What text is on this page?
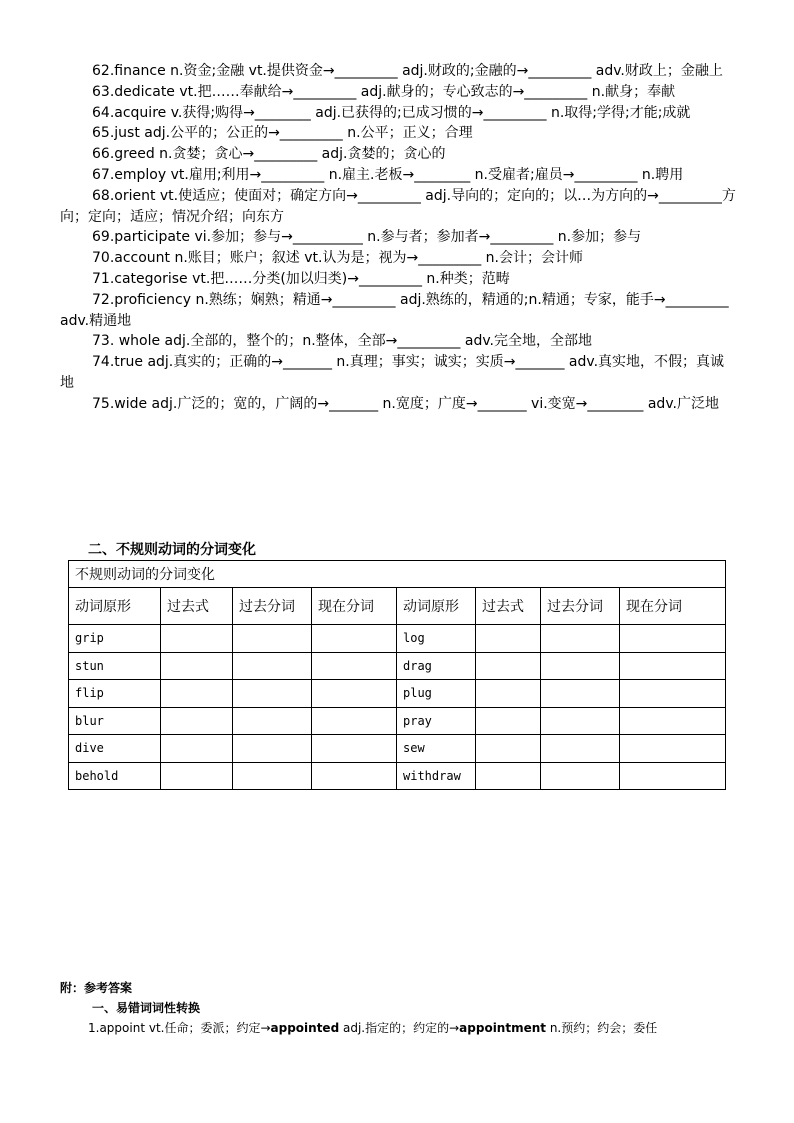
62.finance n.资金;金融 vt.提供资金→_________ adj.财政的;金融的→_________ adv.财政上；金融上

63.dedicate vt.把……奉献给→_________ adj.献身的；专心致志的→_________ n.献身；奉献

64.acquire v.获得;购得→________ adj.已获得的;已成习惯的→_________ n.取得;学得;才能;成就

65.just adj.公平的；公正的→_________ n.公平；正义；合理

66.greed n.贪婪；贪心→_________ adj.贪婪的；贪心的

67.employ vt.雇用;利用→_________ n.雇主.老板→________ n.受雇者;雇员→_________ n.聘用

68.orient vt.使适应；使面对；确定方向→_________ adj.导向的；定向的；以…为方向的→_________方向；定向；适应；情况介绍；向东方

69.participate vi.参加；参与→__________ n.参与者；参加者→_________ n.参加；参与

70.account n.账目；账户；叙述 vt.认为是；视为→_________ n.会计；会计师

71.categorise vt.把……分类(加以归类)→_________ n.种类；范畴

72.proficiency n.熟练；娴熟；精通→_________ adj.熟练的，精通的;n.精通；专家，能手→_________ adv.精通地

73. whole adj.全部的，整个的；n.整体，全部→_________ adv.完全地，全部地

74.true adj.真实的；正确的→_______ n.真理；事实；诚实；实质→_______ adv.真实地，不假；真诚地

75.wide adj.广泛的；宽的，广阔的→_______ n.宽度；广度→_______ vi.变宽→________ adv.广泛地

二、不规则动词的分词变化
不规则动词的分词变化							
动词原形	过去式	过去分词	现在分词	动词原形	过去式	过去分词	现在分词
grip				log			
stun				drag			
flip				plug			
blur				pray			
dive				sew			
behold				withdraw			
附：参考答案
一、易错词词性转换
1.appoint vt.任命；委派；约定→appointed adj.指定的；约定的→appointment n.预约；约会；委任
